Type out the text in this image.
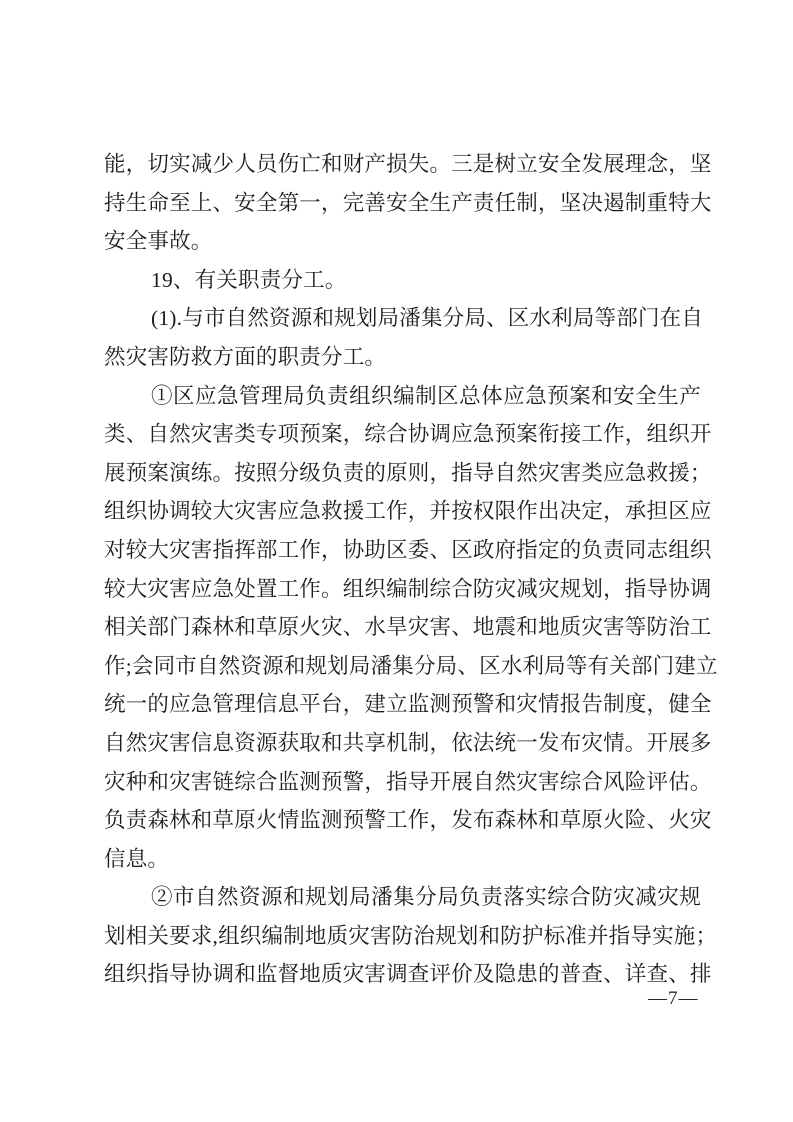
能，切实减少人员伤亡和财产损失。三是树立安全发展理念，坚
持生命至上、安全第一，完善安全生产责任制，坚决遏制重特大
安全事故。
19、有关职责分工。
(1).与市自然资源和规划局潘集分局、区水利局等部门在自
然灾害防救方面的职责分工。
①区应急管理局负责组织编制区总体应急预案和安全生产
类、自然灾害类专项预案，综合协调应急预案衔接工作，组织开
展预案演练。按照分级负责的原则，指导自然灾害类应急救援；
组织协调较大灾害应急救援工作，并按权限作出决定，承担区应
对较大灾害指挥部工作，协助区委、区政府指定的负责同志组织
较大灾害应急处置工作。组织编制综合防灾减灾规划，指导协调
相关部门森林和草原火灾、水旱灾害、地震和地质灾害等防治工
作;会同市自然资源和规划局潘集分局、区水利局等有关部门建立
统一的应急管理信息平台，建立监测预警和灾情报告制度，健全
自然灾害信息资源获取和共享机制，依法统一发布灾情。开展多
灾种和灾害链综合监测预警，指导开展自然灾害综合风险评估。
负责森林和草原火情监测预警工作，发布森林和草原火险、火灾
信息。
②市自然资源和规划局潘集分局负责落实综合防灾减灾规
划相关要求,组织编制地质灾害防治规划和防护标准并指导实施；
组织指导协调和监督地质灾害调查评价及隐患的普查、详查、排
—7—
